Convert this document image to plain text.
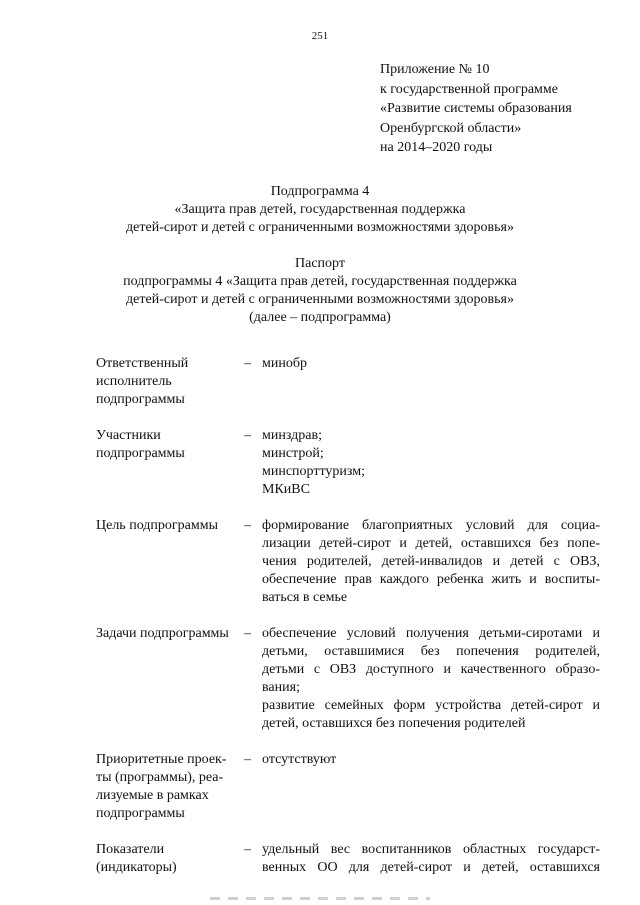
251
Приложение № 10
к государственной программе
«Развитие системы образования
Оренбургской области»
на 2014–2020 годы
Подпрограмма 4
«Защита прав детей, государственная поддержка
детей-сирот и детей с ограниченными возможностями здоровья»
Паспорт
подпрограммы 4 «Защита прав детей, государственная поддержка
детей-сирот и детей с ограниченными возможностями здоровья»
(далее – подпрограмма)
Ответственный
исполнитель
подпрограммы
– минобр
Участники
подпрограммы
– минздрав;
минстрой;
минспорттуризм;
МКиВС
Цель подпрограммы	– формирование благоприятных условий для социа-
лизации детей-сирот и детей, оставшихся без попе-
чения родителей, детей-инвалидов и детей с ОВЗ,
обеспечение прав каждого ребенка жить и воспиты-
ваться в семье
Задачи подпрограммы	– обеспечение условий получения детьми-сиротами и
детьми, оставшимися без попечения родителей,
детьми с ОВЗ доступного и качественного образо-
вания;
развитие семейных форм устройства детей-сирот и
детей, оставшихся без попечения родителей
Приоритетные проек-
ты (программы), реа-
лизуемые в рамках
подпрограммы
– отсутствуют
Показатели
(индикаторы)
– удельный вес воспитанников областных государст-
венных ОО для детей-сирот и детей, оставшихся
